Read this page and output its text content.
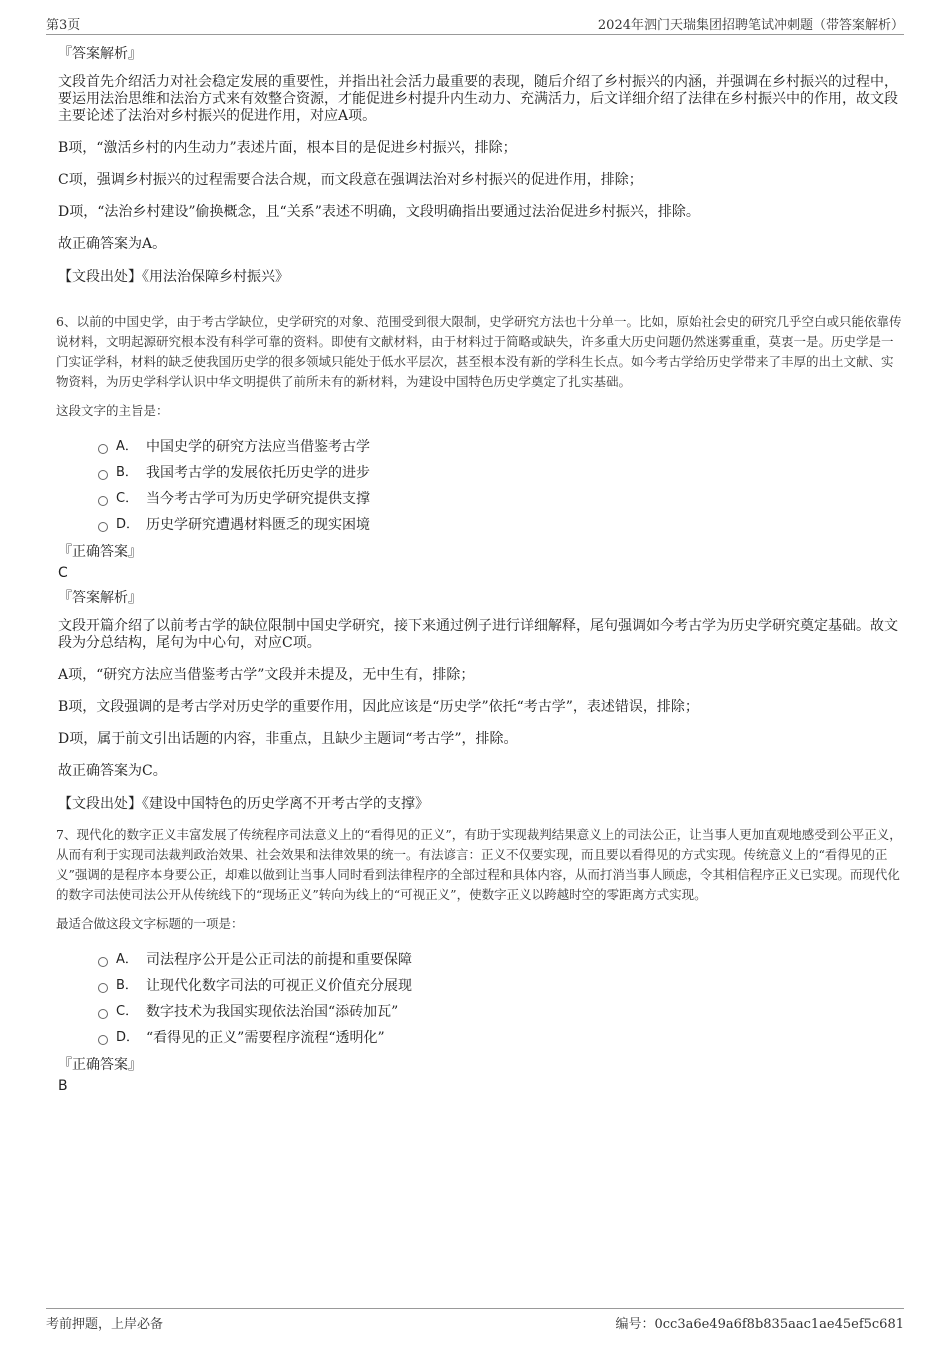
第3页	2024年泗门天瑞集团招聘笔试冲刺题（带答案解析）
『答案解析』
文段首先介绍活力对社会稳定发展的重要性，并指出社会活力最重要的表现，随后介绍了乡村振兴的内涵，并强调在乡村振兴的过程中，要运用法治思维和法治方式来有效整合资源，才能促进乡村提升内生动力、充满活力，后文详细介绍了法律在乡村振兴中的作用，故文段主要论述了法治对乡村振兴的促进作用，对应A项。
B项，“激活乡村的内生动力”表述片面，根本目的是促进乡村振兴，排除；
C项，强调乡村振兴的过程需要合法合规，而文段意在强调法治对乡村振兴的促进作用，排除；
D项，“法治乡村建设”偷换概念，且“关系”表述不明确，文段明确指出要通过法治促进乡村振兴，排除。
故正确答案为A。
【文段出处】《用法治保障乡村振兴》
6、以前的中国史学，由于考古学缺位，史学研究的对象、范围受到很大限制，史学研究方法也十分单一。比如，原始社会史的研究几乎空白或只能依靠传说材料，文明起源研究根本没有科学可靠的资料。即使有文献材料，由于材料过于简略或缺失，许多重大历史问题仍然迷雾重重，莫衷一是。历史学是一门实证学科，材料的缺乏使我国历史学的很多领域只能处于低水平层次，甚至根本没有新的学科生长点。如今考古学给历史学带来了丰厚的出土文献、实物资料，为历史学科学认识中华文明提供了前所未有的新材料，为建设中国特色历史学奠定了扎实基础。
这段文字的主旨是：
A． 中国史学的研究方法应当借鉴考古学
B． 我国考古学的发展依托历史学的进步
C． 当今考古学可为历史学研究提供支撑
D． 历史学研究遭遇材料匮乏的现实困境
『正确答案』
C
『答案解析』
文段开篇介绍了以前考古学的缺位限制中国史学研究，接下来通过例子进行详细解释，尾句强调如今考古学为历史学研究奠定基础。故文段为分总结构，尾句为中心句，对应C项。
A项，“研究方法应当借鉴考古学”文段并未提及，无中生有，排除；
B项，文段强调的是考古学对历史学的重要作用，因此应该是“历史学”依托“考古学”，表述错误，排除；
D项，属于前文引出话题的内容，非重点，且缺少主题词“考古学”，排除。
故正确答案为C。
【文段出处】《建设中国特色的历史学离不开考古学的支撑》
7、现代化的数字正义丰富发展了传统程序司法意义上的“看得见的正义”，有助于实现裁判结果意义上的司法公正，让当事人更加直观地感受到公平正义，从而有利于实现司法裁判政治效果、社会效果和法律效果的统一。有法谚言：正义不仅要实现，而且要以看得见的方式实现。传统意义上的“看得见的正义”强调的是程序本身要公正，却难以做到让当事人同时看到法律程序的全部过程和具体内容，从而打消当事人顾虑，令其相信程序正义已实现。而现代化的数字司法使司法公开从传统线下的“现场正义”转向为线上的“可视正义”，使数字正义以跨越时空的零距离方式实现。
最适合做这段文字标题的一项是：
A． 司法程序公开是公正司法的前提和重要保障
B． 让现代化数字司法的可视正义价值充分展现
C． 数字技术为我国实现依法治国“添砖加瓦”
D． “看得见的正义”需要程序流程“透明化”
『正确答案』
B
考前押题，上岸必备	编号：0cc3a6e49a6f8b835aac1ae45ef5c681
